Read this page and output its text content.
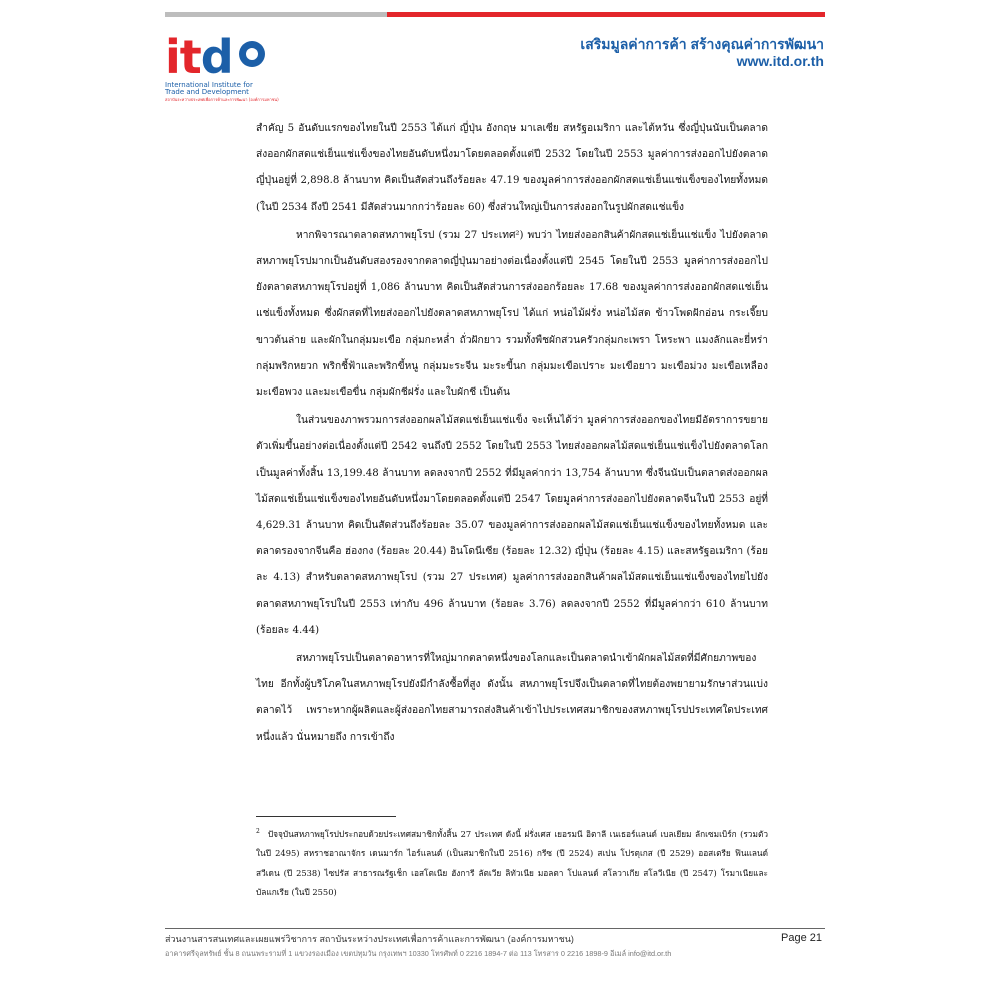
itd
International Institute for
Trade and Development
สถาบันระหว่างประเทศเพื่อการค้าและการพัฒนา (องค์การมหาชน)
เสริมมูลค่าการค้า สร้างคุณค่าการพัฒนา
www.itd.or.th

สำคัญ 5 อันดับแรกของไทยในปี 2553 ได้แก่ ญี่ปุ่น อังกฤษ มาเลเซีย สหรัฐอเมริกา และไต้หวัน ซึ่งญี่ปุ่นนับเป็นตลาดส่งออกผักสดแช่เย็นแช่แข็งของไทยอันดับหนึ่งมาโดยตลอดตั้งแต่ปี 2532 โดยในปี 2553 มูลค่าการส่งออกไปยังตลาดญี่ปุ่นอยู่ที่ 2,898.8 ล้านบาท คิดเป็นสัดส่วนถึงร้อยละ 47.19 ของมูลค่าการส่งออกผักสดแช่เย็นแช่แข็งของไทยทั้งหมด (ในปี 2534 ถึงปี 2541 มีสัดส่วนมากกว่าร้อยละ 60) ซึ่งส่วนใหญ่เป็นการส่งออกในรูปผักสดแช่แข็ง

หากพิจารณาตลาดสหภาพยุโรป (รวม 27 ประเทศ²) พบว่า ไทยส่งออกสินค้าผักสดแช่เย็นแช่แข็ง ไปยังตลาดสหภาพยุโรปมากเป็นอันดับสองรองจากตลาดญี่ปุ่นมาอย่างต่อเนื่องตั้งแต่ปี 2545 โดยในปี 2553 มูลค่าการส่งออกไปยังตลาดสหภาพยุโรปอยู่ที่ 1,086 ล้านบาท คิดเป็นสัดส่วนการส่งออกร้อยละ 17.68 ของมูลค่าการส่งออกผักสดแช่เย็นแช่แข็งทั้งหมด ซึ่งผักสดที่ไทยส่งออกไปยังตลาดสหภาพยุโรป ได้แก่ หน่อไม้ฝรั่ง หน่อไม้สด ข้าวโพดฝักอ่อน กระเจี๊ยบขาวต้นล่าย และผักในกลุ่มมะเขือ กลุ่มกะหล่ำ ถั่วฝักยาว รวมทั้งพืชผักสวนครัวกลุ่มกะเพรา โหระพา แมงลักและยี่หร่า กลุ่มพริกหยวก พริกชี้ฟ้าและพริกขี้หนู กลุ่มมะระจีน มะระขี้นก กลุ่มมะเขือเปราะ มะเขือยาว มะเขือม่วง มะเขือเหลือง มะเขือพวง และมะเขือขื่น กลุ่มผักชีฝรั่ง และใบผักชี เป็นต้น

ในส่วนของภาพรวมการส่งออกผลไม้สดแช่เย็นแช่แข็ง จะเห็นได้ว่า มูลค่าการส่งออกของไทยมีอัตราการขยายตัวเพิ่มขึ้นอย่างต่อเนื่องตั้งแต่ปี 2542 จนถึงปี 2552 โดยในปี 2553 ไทยส่งออกผลไม้สดแช่เย็นแช่แข็งไปยังตลาดโลกเป็นมูลค่าทั้งสิ้น 13,199.48 ล้านบาท ลดลงจากปี 2552 ที่มีมูลค่ากว่า 13,754 ล้านบาท ซึ่งจีนนับเป็นตลาดส่งออกผลไม้สดแช่เย็นแช่แข็งของไทยอันดับหนึ่งมาโดยตลอดตั้งแต่ปี 2547 โดยมูลค่าการส่งออกไปยังตลาดจีนในปี 2553 อยู่ที่ 4,629.31 ล้านบาท คิดเป็นสัดส่วนถึงร้อยละ 35.07 ของมูลค่าการส่งออกผลไม้สดแช่เย็นแช่แข็งของไทยทั้งหมด และตลาดรองจากจีนคือ ฮ่องกง (ร้อยละ 20.44) อินโดนีเซีย (ร้อยละ 12.32) ญี่ปุ่น (ร้อยละ 4.15) และสหรัฐอเมริกา (ร้อยละ 4.13) สำหรับตลาดสหภาพยุโรป (รวม 27 ประเทศ) มูลค่าการส่งออกสินค้าผลไม้สดแช่เย็นแช่แข็งของไทยไปยังตลาดสหภาพยุโรปในปี 2553 เท่ากับ 496 ล้านบาท (ร้อยละ 3.76) ลดลงจากปี 2552 ที่มีมูลค่ากว่า 610 ล้านบาท (ร้อยละ 4.44)

สหภาพยุโรปเป็นตลาดอาหารที่ใหญ่มากตลาดหนึ่งของโลกและเป็นตลาดนำเข้าผักผลไม้สดที่มีศักยภาพของไทย อีกทั้งผู้บริโภคในสหภาพยุโรปยังมีกำลังซื้อที่สูง ดังนั้น สหภาพยุโรปจึงเป็นตลาดที่ไทยต้องพยายามรักษาส่วนแบ่งตลาดไว้ เพราะหากผู้ผลิตและผู้ส่งออกไทยสามารถส่งสินค้าเข้าไปประเทศสมาชิกของสหภาพยุโรปประเทศใดประเทศหนึ่งแล้ว นั่นหมายถึง การเข้าถึง

$^2$ ปัจจุบันสหภาพยุโรปประกอบด้วยประเทศสมาชิกทั้งสิ้น 27 ประเทศ ดังนี้ ฝรั่งเศส เยอรมนี อิตาลี เนเธอร์แลนด์ เบลเยียม ลักเซมเบิร์ก (รวมตัวในปี 2495) สหราชอาณาจักร เดนมาร์ก ไอร์แลนด์ (เป็นสมาชิกในปี 2516) กรีซ (ปี 2524) สเปน โปรตุเกส (ปี 2529) ออสเตรีย ฟินแลนด์ สวีเดน (ปี 2538) ไซปรัส สาธารณรัฐเช็ก เอสโตเนีย ฮังการี ลัตเวีย ลิทัวเนีย มอลตา โปแลนด์ สโลวาเกีย สโลวีเนีย (ปี 2547) โรมาเนียและบัลแกเรีย (ในปี 2550)
ส่วนงานสารสนเทศและเผยแพร่วิชาการ สถาบันระหว่างประเทศเพื่อการค้าและการพัฒนา (องค์การมหาชน)	Page 21
อาคารศรีจุลทรัพย์ ชั้น 8 ถนนพระรามที่ 1 แขวงรองเมือง เขตปทุมวัน กรุงเทพฯ 10330 โทรศัพท์ 0 2216 1894-7 ต่อ 113 โทรสาร 0 2216 1898-9 อีเมล์ info@itd.or.th
